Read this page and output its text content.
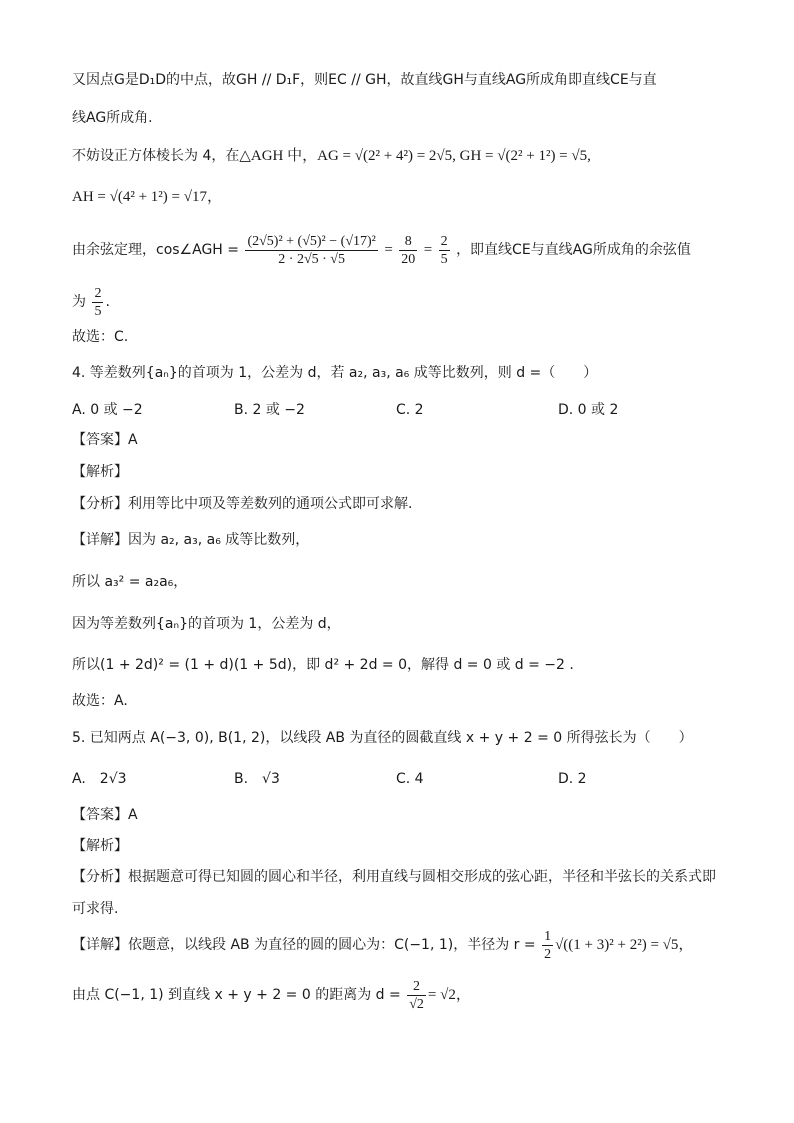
又因点G是D₁D的中点，故GH // D₁F，则EC // GH，故直线GH与直线AG所成角即直线CE与直
线AG所成角.
不妨设正方体棱长为 4，在△AGH 中，AG = √(2² + 4²) = 2√5, GH = √(2² + 1²) = √5,
AH = √(4² + 1²) = √17，
由余弦定理，cos∠AGH = $\frac{\text{(2√5)² + (√5)² − (√17)²}}{2 \cdot 2√5 \cdot √5} = \frac{8}{20} = \frac{2}{5}$ ，即直线CE与直线AG所成角的余弦值
为 $\frac{2}{5}$ .
故选：C.
4. 等差数列{aₙ}的首项为 1，公差为 d，若 a₂, a₃, a₆ 成等比数列，则 d =（　　）
A. 0 或 −2	B. 2 或 −2	C. 2	D. 0 或 2
【答案】A
【解析】
【分析】利用等比中项及等差数列的通项公式即可求解.
【详解】因为 a₂, a₃, a₆ 成等比数列，
所以 a₃² = a₂a₆，
因为等差数列{aₙ}的首项为 1，公差为 d，
所以(1 + 2d)² = (1 + d)(1 + 5d)，即 d² + 2d = 0，解得 d = 0 或 d = −2 .
故选：A.
5. 已知两点 A(−3, 0), B(1, 2)，以线段 AB 为直径的圆截直线 x + y + 2 = 0 所得弦长为（　　）
A.　2√3	B.　√3	C. 4	D. 2
【答案】A
【解析】
【分析】根据题意可得已知圆的圆心和半径，利用直线与圆相交形成的弦心距，半径和半弦长的关系式即
可求得.
【详解】依题意，以线段 AB 为直径的圆的圆心为：C(−1, 1)，半径为 $r = \frac{1}{2} √((1 + 3)^2 + 2^2) = √5$，
由点 C(−1, 1) 到直线 x + y + 2 = 0 的距离为 $d = \frac{2}{√2} = √2$，
